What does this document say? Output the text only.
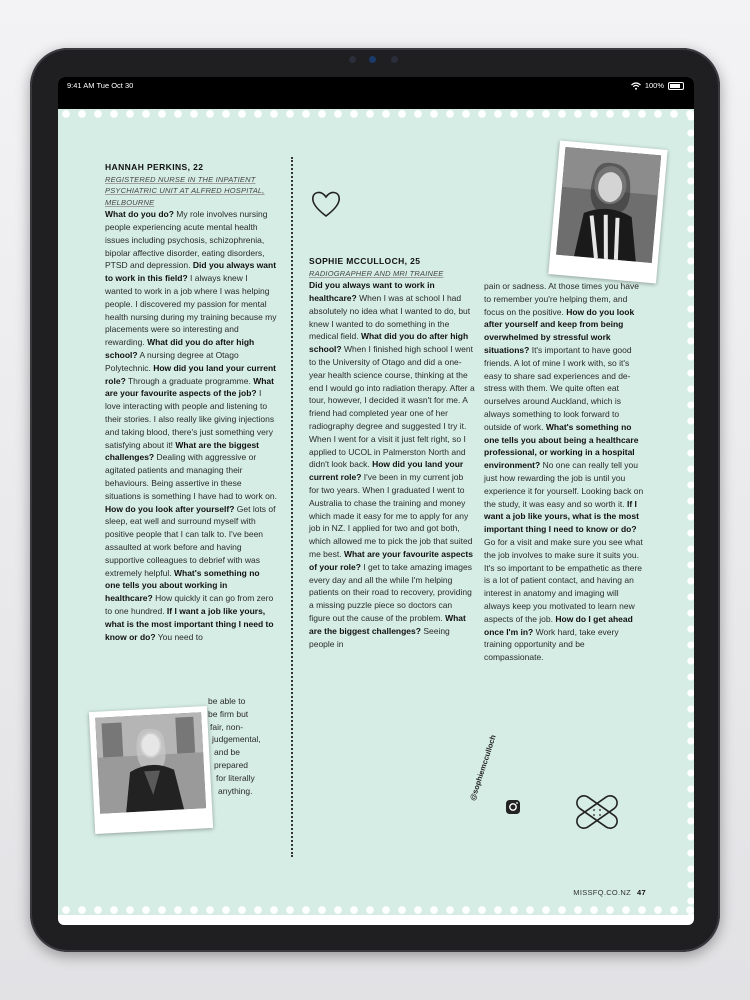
9:41 AM Tue Oct 30	100%
HANNAH PERKINS, 22
REGISTERED NURSE IN THE INPATIENT PSYCHIATRIC UNIT AT ALFRED HOSPITAL, MELBOURNE
What do you do? My role involves nursing people experiencing acute mental health issues including psychosis, schizophrenia, bipolar affective disorder, eating disorders, PTSD and depression. Did you always want to work in this field? I always knew I wanted to work in a job where I was helping people. I discovered my passion for mental health nursing during my training because my placements were so interesting and rewarding. What did you do after high school? A nursing degree at Otago Polytechnic. How did you land your current role? Through a graduate programme. What are your favourite aspects of the job? I love interacting with people and listening to their stories. I also really like giving injections and taking blood, there's just something very satisfying about it! What are the biggest challenges? Dealing with aggressive or agitated patients and managing their behaviours. Being assertive in these situations is something I have had to work on. How do you look after yourself? Get lots of sleep, eat well and surround myself with positive people that I can talk to. I've been assaulted at work before and having supportive colleagues to debrief with was extremely helpful. What's something no one tells you about working in healthcare? How quickly it can go from zero to one hundred. If I want a job like yours, what is the most important thing I need to know or do? You need to
be able to
be firm but
fair, non-
judgemental,
and be
prepared
for literally
anything.
SOPHIE MCCULLOCH, 25
RADIOGRAPHER AND MRI TRAINEE
Did you always want to work in healthcare? When I was at school I had absolutely no idea what I wanted to do, but knew I wanted to do something in the medical field. What did you do after high school? When I finished high school I went to the University of Otago and did a one-year health science course, thinking at the end I would go into radiation therapy. After a tour, however, I decided it wasn't for me. A friend had completed year one of her radiography degree and suggested I try it. When I went for a visit it just felt right, so I applied to UCOL in Palmerston North and didn't look back. How did you land your current role? I've been in my current job for two years. When I graduated I went to Australia to chase the training and money which made it easy for me to apply for any job in NZ. I applied for two and got both, which allowed me to pick the job that suited me best. What are your favourite aspects of your role? I get to take amazing images every day and all the while I'm helping patients on their road to recovery, providing a missing puzzle piece so doctors can figure out the cause of the problem. What are the biggest challenges? Seeing people in
pain or sadness. At those times you have to remember you're helping them, and focus on the positive. How do you look after yourself and keep from being overwhelmed by stressful work situations? It's important to have good friends. A lot of mine I work with, so it's easy to share sad experiences and de-stress with them. We quite often eat ourselves around Auckland, which is always something to look forward to outside of work. What's something no one tells you about being a healthcare professional, or working in a hospital environment? No one can really tell you just how rewarding the job is until you experience it for yourself. Looking back on the study, it was easy and so worth it. If I want a job like yours, what is the most important thing I need to know or do? Go for a visit and make sure you see what the job involves to make sure it suits you. It's so important to be empathetic as there is a lot of patient contact, and having an interest in anatomy and imaging will always keep you motivated to learn new aspects of the job. How do I get ahead once I'm in? Work hard, take every training opportunity and be compassionate.
@sophiemcculloch
MISSFQ.CO.NZ 47
